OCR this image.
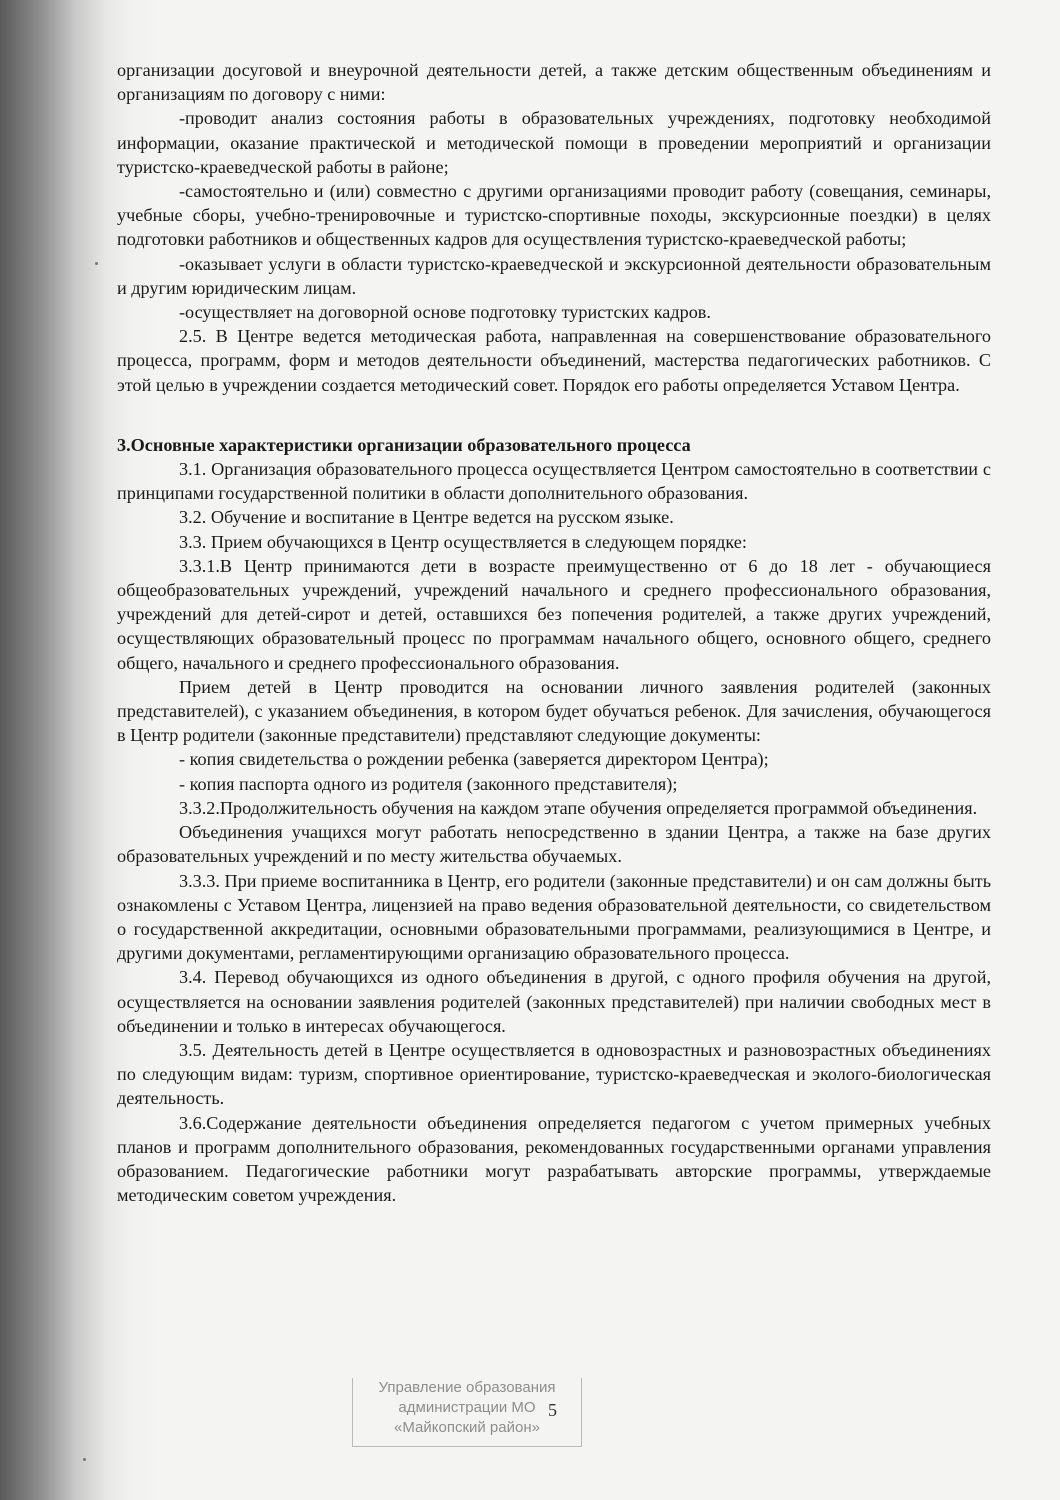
организации досуговой и внеурочной деятельности детей, а также детским общественным объединениям и организациям по договору с ними:

-проводит анализ состояния работы в образовательных учреждениях, подготовку необходимой информации, оказание практической и методической помощи в проведении мероприятий и организации туристско-краеведческой работы в районе;

-самостоятельно и (или) совместно с другими организациями проводит работу (совещания, семинары, учебные сборы, учебно-тренировочные и туристско-спортивные походы, экскурсионные поездки) в целях подготовки работников и общественных кадров для осуществления туристско-краеведческой работы;

-оказывает услуги в области туристско-краеведческой и экскурсионной деятельности образовательным и другим юридическим лицам.

-осуществляет на договорной основе подготовку туристских кадров.

2.5. В Центре ведется методическая работа, направленная на совершенствование образовательного процесса, программ, форм и методов деятельности объединений, мастерства педагогических работников. С этой целью в учреждении создается методический совет. Порядок его работы определяется Уставом Центра.

3.Основные характеристики организации образовательного процесса

3.1. Организация образовательного процесса осуществляется Центром самостоятельно в соответствии с принципами государственной политики в области дополнительного образования.

3.2. Обучение и воспитание в Центре ведется на русском языке.

3.3. Прием обучающихся в Центр осуществляется в следующем порядке:

3.3.1.В Центр принимаются дети в возрасте преимущественно от 6 до 18 лет - обучающиеся общеобразовательных учреждений, учреждений начального и среднего профессионального образования, учреждений для детей-сирот и детей, оставшихся без попечения родителей, а также других учреждений, осуществляющих образовательный процесс по программам начального общего, основного общего, среднего общего, начального и среднего профессионального образования.

Прием детей в Центр проводится на основании личного заявления родителей (законных представителей), с указанием объединения, в котором будет обучаться ребенок. Для зачисления, обучающегося в Центр родители (законные представители) представляют следующие документы:

- копия свидетельства о рождении ребенка (заверяется директором Центра);

- копия паспорта одного из родителя (законного представителя);

3.3.2.Продолжительность обучения на каждом этапе обучения определяется программой объединения.

Объединения учащихся могут работать непосредственно в здании Центра, а также на базе других образовательных учреждений и по месту жительства обучаемых.

3.3.3. При приеме воспитанника в Центр, его родители (законные представители) и он сам должны быть ознакомлены с Уставом Центра, лицензией на право ведения образовательной деятельности, со свидетельством о государственной аккредитации, основными образовательными программами, реализующимися в Центре, и другими документами, регламентирующими организацию образовательного процесса.

3.4. Перевод обучающихся из одного объединения в другой, с одного профиля обучения на другой, осуществляется на основании заявления родителей (законных представителей) при наличии свободных мест в объединении и только в интересах обучающегося.

3.5. Деятельность детей в Центре осуществляется в одновозрастных и разновозрастных объединениях по следующим видам: туризм, спортивное ориентирование, туристско-краеведческая и эколого-биологическая деятельность.

3.6.Содержание деятельности объединения определяется педагогом с учетом примерных учебных планов и программ дополнительного образования, рекомендованных государственными органами управления образованием. Педагогические работники могут разрабатывать авторские программы, утверждаемые методическим советом учреждения.

Управление образования
администрации МО
«Майкопский район»
5
